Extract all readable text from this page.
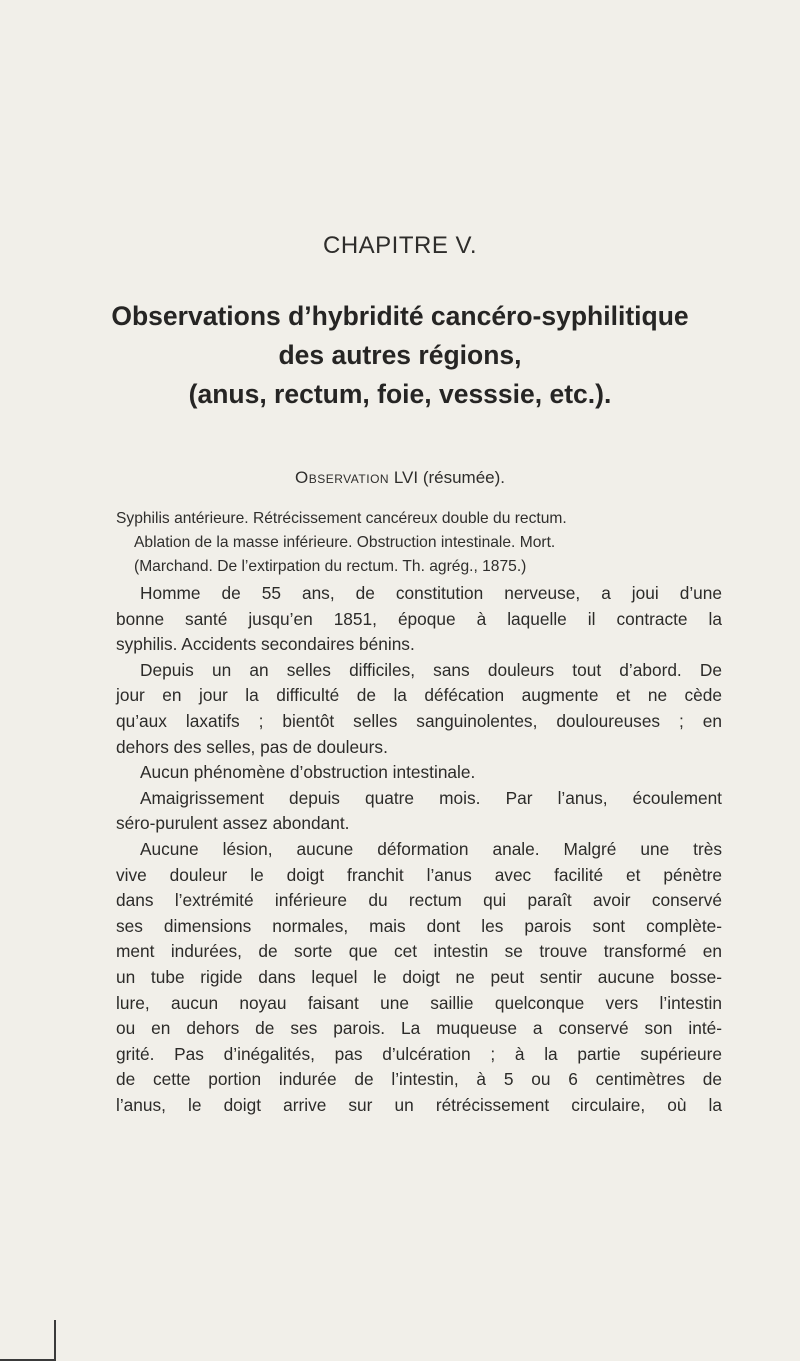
CHAPITRE V.
Observations d’hybridité cancéro-syphilitique
des autres régions,
(anus, rectum, foie, vesssie, etc.).
Observation LVI (résumée).
Syphilis antérieure. Rétrécissement cancéreux double du rectum.
Ablation de la masse inférieure. Obstruction intestinale. Mort.
(Marchand. De l’extirpation du rectum. Th. agrég., 1875.)
Homme de 55 ans, de constitution nerveuse, a joui d’une
bonne santé jusqu’en 1851, époque à laquelle il contracte la
syphilis. Accidents secondaires bénins.
Depuis un an selles difficiles, sans douleurs tout d’abord. De
jour en jour la difficulté de la défécation augmente et ne cède
qu’aux laxatifs ; bientôt selles sanguinolentes, douloureuses ; en
dehors des selles, pas de douleurs.
Aucun phénomène d’obstruction intestinale.
Amaigrissement depuis quatre mois. Par l’anus, écoulement
séro-purulent assez abondant.
Aucune lésion, aucune déformation anale. Malgré une très
vive douleur le doigt franchit l’anus avec facilité et pénètre
dans l’extrémité inférieure du rectum qui paraît avoir conservé
ses dimensions normales, mais dont les parois sont complète-
ment indurées, de sorte que cet intestin se trouve transformé en
un tube rigide dans lequel le doigt ne peut sentir aucune bosse-
lure, aucun noyau faisant une saillie quelconque vers l’intestin
ou en dehors de ses parois. La muqueuse a conservé son inté-
grité. Pas d’inégalités, pas d’ulcération ; à la partie supérieure
de cette portion indurée de l’intestin, à 5 ou 6 centimètres de
l’anus, le doigt arrive sur un rétrécissement circulaire, où la
